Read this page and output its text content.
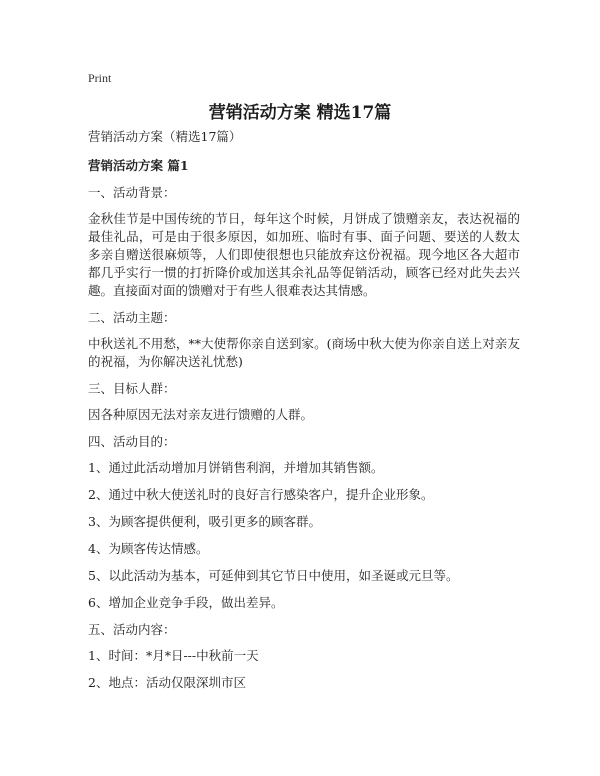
Print
营销活动方案 精选17篇

营销活动方案（精选17篇）

营销活动方案 篇1

一、活动背景：

金秋佳节是中国传统的节日，每年这个时候，月饼成了馈赠亲友，表达祝福的最佳礼品，可是由于很多原因，如加班、临时有事、面子问题、要送的人数太多亲自赠送很麻烦等，人们即使很想也只能放弃这份祝福。现今地区各大超市都几乎实行一惯的打折降价或加送其余礼品等促销活动，顾客已经对此失去兴趣。直接面对面的馈赠对于有些人很难表达其情感。

二、活动主题：

中秋送礼不用愁，**大使帮你亲自送到家。(商场中秋大使为你亲自送上对亲友的祝福，为你解决送礼忧愁)

三、目标人群：

因各种原因无法对亲友进行馈赠的人群。

四、活动目的：

1、通过此活动增加月饼销售利润，并增加其销售额。

2、通过中秋大使送礼时的良好言行感染客户，提升企业形象。

3、为顾客提供便利，吸引更多的顾客群。

4、为顾客传达情感。

5、以此活动为基本，可延伸到其它节日中使用，如圣诞或元旦等。

6、增加企业竞争手段，做出差异。

五、活动内容：

1、时间：*月*日---中秋前一天

2、地点：活动仅限深圳市区
